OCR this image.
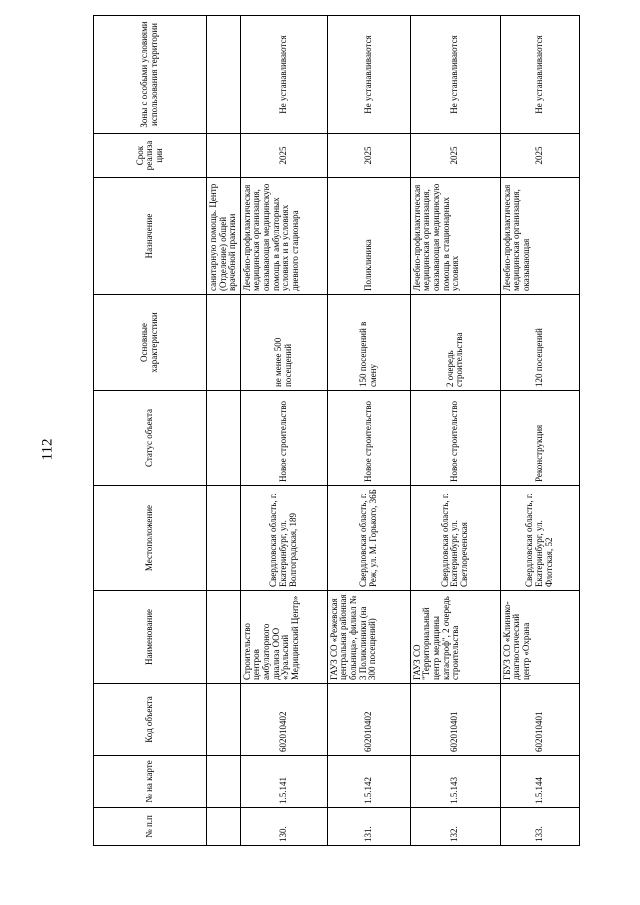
112
№ п.п	№ на карте	Код объекта	Наименование	Местоположение	Статус объекта	Основные характеристики	Назначение	Срок реализа ции	Зоны с особыми условиями использования территории
							санитарную помощь. Центр (Отделение) общей врачебной практики		
130.	1.5.141	602010402	Строительство центров амбулаторного диализа ООО «Уральский Медицинский Центр»	Свердловская область, г. Екатеринбург, ул. Волгоградская, 189	Новое строительство	не менее 500 посещений	Лечебно-профилактическая медицинская организация, оказывающая медицинскую помощь в амбулаторных условиях и в условиях дневного стационара	2025	Не устанавливаются
131.	1.5.142	602010402	ГАУЗ СО «Режевская центральная районная больница», филиал № 3 Поликлиники (на 300 посещений)	Свердловская область, г. Реж, ул. М. Горького, 36Б	Новое строительство	150 посещений в смену	Поликлиника	2025	Не устанавливаются
132.	1.5.143	602010401	ГАУЗ СО "Территориальный центр медицины катастроф", 2 очередь строительства	Свердловская область, г. Екатеринбург, ул. Светлореченская	Новое строительство	2 очередь строительства	Лечебно-профилактическая медицинская организация, оказывающая медицинскую помощь в стационарных условиях	2025	Не устанавливаются
133.	1.5.144	602010401	ГБУЗ СО «Клинико-диагностический центр «Охрана	Свердловская область, г. Екатеринбург, ул. Флотская, 52	Реконструкция	120 посещений	Лечебно-профилактическая медицинская организация, оказывающая	2025	Не устанавливаются
